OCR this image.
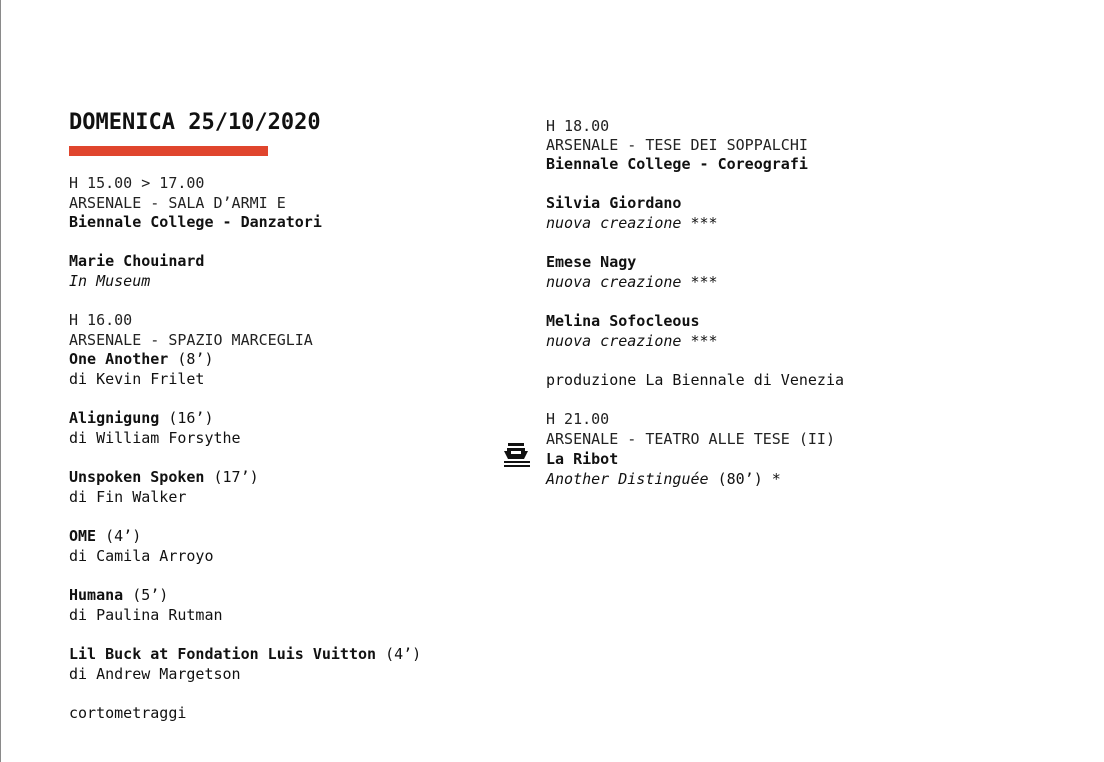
DOMENICA 25/10/2020
H 15.00 > 17.00
ARSENALE - SALA D’ARMI E
Biennale College - Danzatori
Marie Chouinard
In Museum
H 16.00
ARSENALE - SPAZIO MARCEGLIA
One Another (8’)
di Kevin Frilet
Alignigung (16’)
di William Forsythe
Unspoken Spoken (17’)
di Fin Walker
OME (4’)
di Camila Arroyo
Humana (5’)
di Paulina Rutman
Lil Buck at Fondation Luis Vuitton (4’)
di Andrew Margetson
cortometraggi
H 18.00
ARSENALE - TESE DEI SOPPALCHI
Biennale College - Coreografi
Silvia Giordano
nuova creazione ***
Emese Nagy
nuova creazione ***
Melina Sofocleous
nuova creazione ***
produzione La Biennale di Venezia
H 21.00
ARSENALE - TEATRO ALLE TESE (II)
La Ribot
Another Distinguée (80’) *
